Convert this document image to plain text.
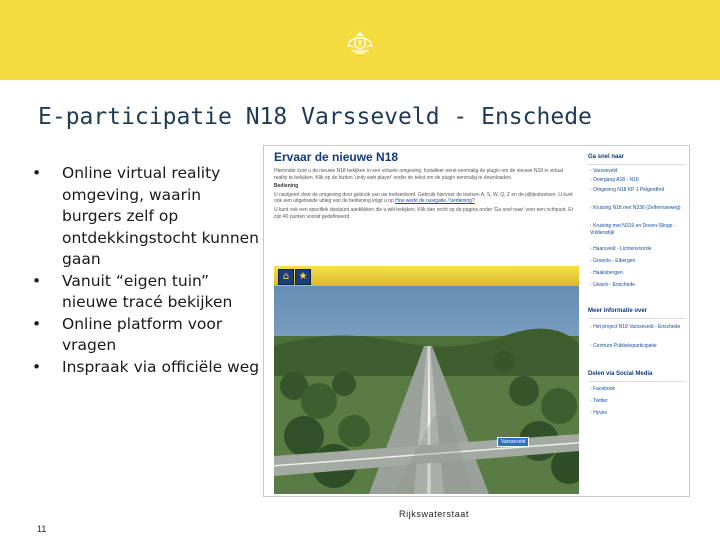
E-participatie N18 Varsseveld - Enschede
• Online virtual reality omgeving, waarin burgers zelf op ontdekkingstocht kunnen gaan
• Vanuit “eigen tuin” nieuwe tracé bekijken
• Online platform voor vragen
• Inspraak via officiële weg
Ervaar de nieuwe N18

Hieronder kunt u de nieuwe N18 bekijken in een virtuele omgeving. Installeer eerst eenmalig de plugin om de nieuwe N18 in virtual reality te bekijken. Klik op de button 'unity web player' onder de tekst om de plugin eenmalig te downloaden.

Bediening

U navigeert door de omgeving door gebruik van uw toetsenbord. Gebruik hiervoor de toetsen A, S, W, Q, Z en de pijltjestoetsen. U kunt ook een uitgebreide uitleg van de bediening krijgt u op Hoe werkt de navigatie / bediening?

U kunt ook een specifiek doelpunt aanklikken die u wilt bekijken. Klik dan recht op de pagina onder 'Ga snel naar' voor een richtpunt. Er zijn 40 punten vooraf gedefinieerd.

⌂ ★
Varsseveld
Copyright © 2008 Rijkswaterstaat
Ga snel naar
› Varsseveld
› Overgang A18 - N18
› Omgeving N18 KP 1 Pelgerdhof
› Kruising N18 met N336 (Zelhemseweg)
› Kruising met N319 en Doven-Slinge - Voldersdijk
› Haarsveld - Lichtenvoorde
› Groenlo - Eibergen
› Haaksbergen
› Usselo - Enschede
Meer informatie over
› Het project N18 Varsseveld - Enschede
› Centrum Publieksparticipatie
Delen via Social Media
› Facebook
› Twitter
› Hyves
Rijkswaterstaat
11
